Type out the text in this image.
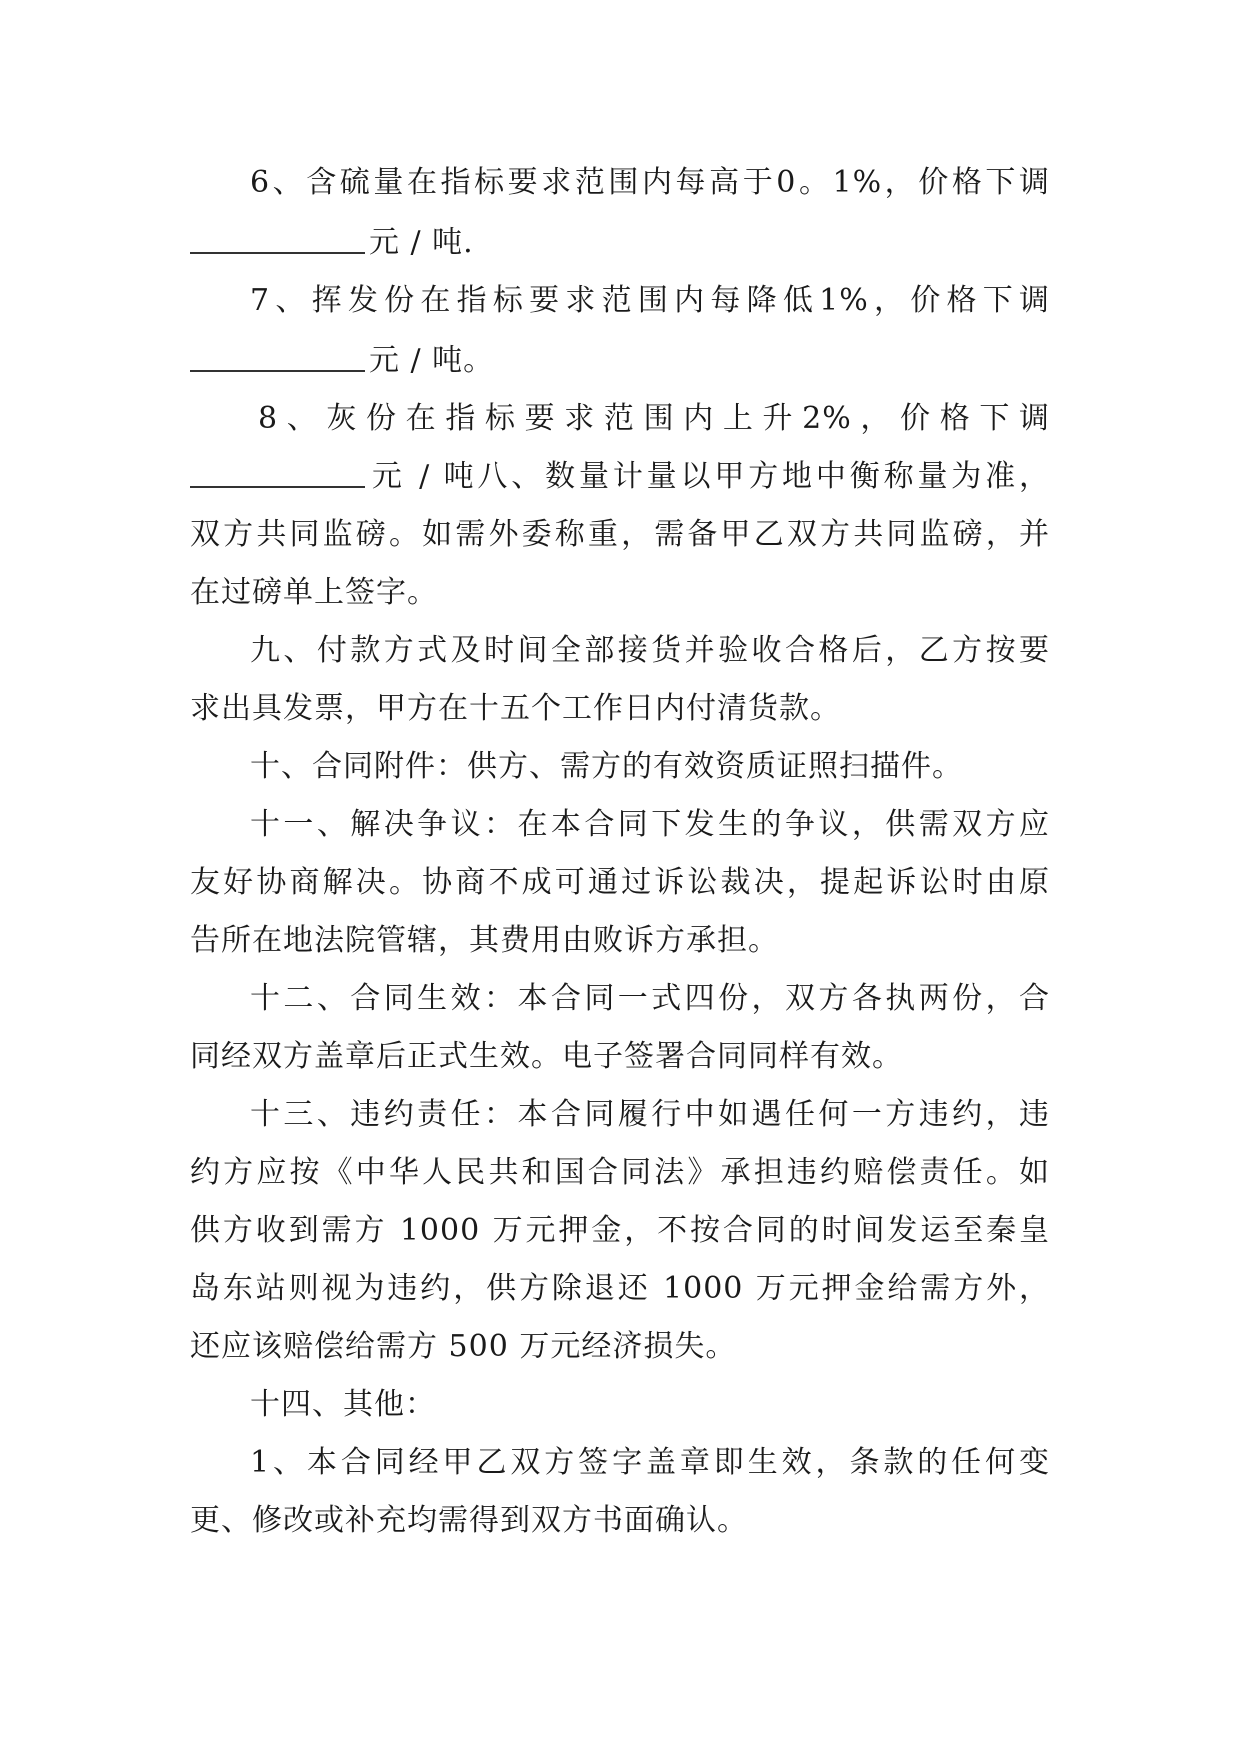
6、含硫量在指标要求范围内每高于0。1%，价格下调
元 / 吨.
7、挥发份在指标要求范围内每降低1%，价格下调
元 / 吨。
8、灰份在指标要求范围内上升2%，价格下调
元 / 吨八、数量计量以甲方地中衡称量为准，
双方共同监磅。如需外委称重，需备甲乙双方共同监磅，并
在过磅单上签字。
九、付款方式及时间全部接货并验收合格后，乙方按要
求出具发票，甲方在十五个工作日内付清货款。
十、合同附件：供方、需方的有效资质证照扫描件。
十一、解决争议：在本合同下发生的争议，供需双方应
友好协商解决。协商不成可通过诉讼裁决，提起诉讼时由原
告所在地法院管辖，其费用由败诉方承担。
十二、合同生效：本合同一式四份，双方各执两份，合
同经双方盖章后正式生效。电子签署合同同样有效。
十三、违约责任：本合同履行中如遇任何一方违约，违
约方应按《中华人民共和国合同法》承担违约赔偿责任。如
供方收到需方 1000 万元押金，不按合同的时间发运至秦皇
岛东站则视为违约，供方除退还 1000 万元押金给需方外，
还应该赔偿给需方 500 万元经济损失。
十四、其他：
1、本合同经甲乙双方签字盖章即生效，条款的任何变
更、修改或补充均需得到双方书面确认。
